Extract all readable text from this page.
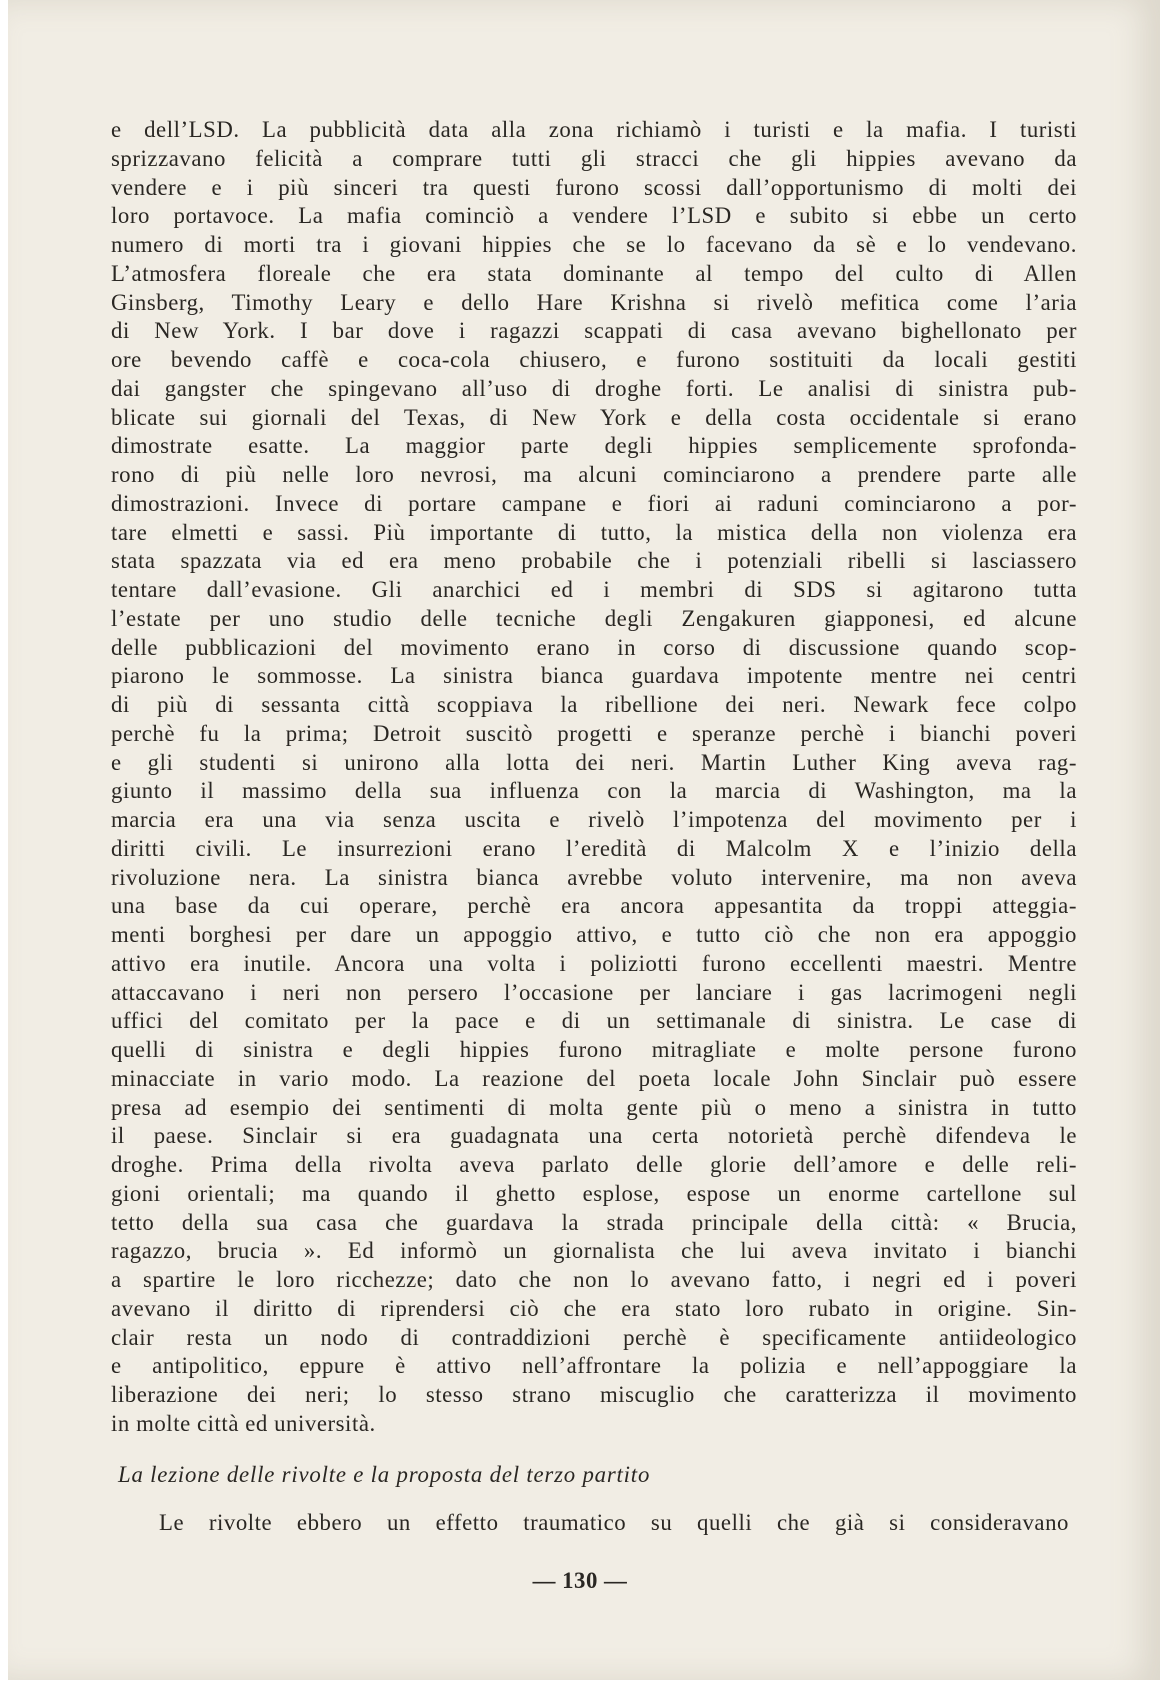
e dell’LSD. La pubblicità data alla zona richiamò i turisti e la mafia. I turisti
sprizzavano felicità a comprare tutti gli stracci che gli hippies avevano da
vendere e i più sinceri tra questi furono scossi dall’opportunismo di molti dei
loro portavoce. La mafia cominciò a vendere l’LSD e subito si ebbe un certo
numero di morti tra i giovani hippies che se lo facevano da sè e lo vendevano.
L’atmosfera floreale che era stata dominante al tempo del culto di Allen
Ginsberg, Timothy Leary e dello Hare Krishna si rivelò mefitica come l’aria
di New York. I bar dove i ragazzi scappati di casa avevano bighellonato per
ore bevendo caffè e coca-cola chiusero, e furono sostituiti da locali gestiti
dai gangster che spingevano all’uso di droghe forti. Le analisi di sinistra pub-
blicate sui giornali del Texas, di New York e della costa occidentale si erano
dimostrate esatte. La maggior parte degli hippies semplicemente sprofonda-
rono di più nelle loro nevrosi, ma alcuni cominciarono a prendere parte alle
dimostrazioni. Invece di portare campane e fiori ai raduni cominciarono a por-
tare elmetti e sassi. Più importante di tutto, la mistica della non violenza era
stata spazzata via ed era meno probabile che i potenziali ribelli si lasciassero
tentare dall’evasione. Gli anarchici ed i membri di SDS si agitarono tutta
l’estate per uno studio delle tecniche degli Zengakuren giapponesi, ed alcune
delle pubblicazioni del movimento erano in corso di discussione quando scop-
piarono le sommosse. La sinistra bianca guardava impotente mentre nei centri
di più di sessanta città scoppiava la ribellione dei neri. Newark fece colpo
perchè fu la prima; Detroit suscitò progetti e speranze perchè i bianchi poveri
e gli studenti si unirono alla lotta dei neri. Martin Luther King aveva rag-
giunto il massimo della sua influenza con la marcia di Washington, ma la
marcia era una via senza uscita e rivelò l’impotenza del movimento per i
diritti civili. Le insurrezioni erano l’eredità di Malcolm X e l’inizio della
rivoluzione nera. La sinistra bianca avrebbe voluto intervenire, ma non aveva
una base da cui operare, perchè era ancora appesantita da troppi atteggia-
menti borghesi per dare un appoggio attivo, e tutto ciò che non era appoggio
attivo era inutile. Ancora una volta i poliziotti furono eccellenti maestri. Mentre
attaccavano i neri non persero l’occasione per lanciare i gas lacrimogeni negli
uffici del comitato per la pace e di un settimanale di sinistra. Le case di
quelli di sinistra e degli hippies furono mitragliate e molte persone furono
minacciate in vario modo. La reazione del poeta locale John Sinclair può essere
presa ad esempio dei sentimenti di molta gente più o meno a sinistra in tutto
il paese. Sinclair si era guadagnata una certa notorietà perchè difendeva le
droghe. Prima della rivolta aveva parlato delle glorie dell’amore e delle reli-
gioni orientali; ma quando il ghetto esplose, espose un enorme cartellone sul
tetto della sua casa che guardava la strada principale della città: « Brucia,
ragazzo, brucia ». Ed informò un giornalista che lui aveva invitato i bianchi
a spartire le loro ricchezze; dato che non lo avevano fatto, i negri ed i poveri
avevano il diritto di riprendersi ciò che era stato loro rubato in origine. Sin-
clair resta un nodo di contraddizioni perchè è specificamente antiideologico
e antipolitico, eppure è attivo nell’affrontare la polizia e nell’appoggiare la
liberazione dei neri; lo stesso strano miscuglio che caratterizza il movimento
in molte città ed università.
La lezione delle rivolte e la proposta del terzo partito
Le rivolte ebbero un effetto traumatico su quelli che già si consideravano
— 130 —
